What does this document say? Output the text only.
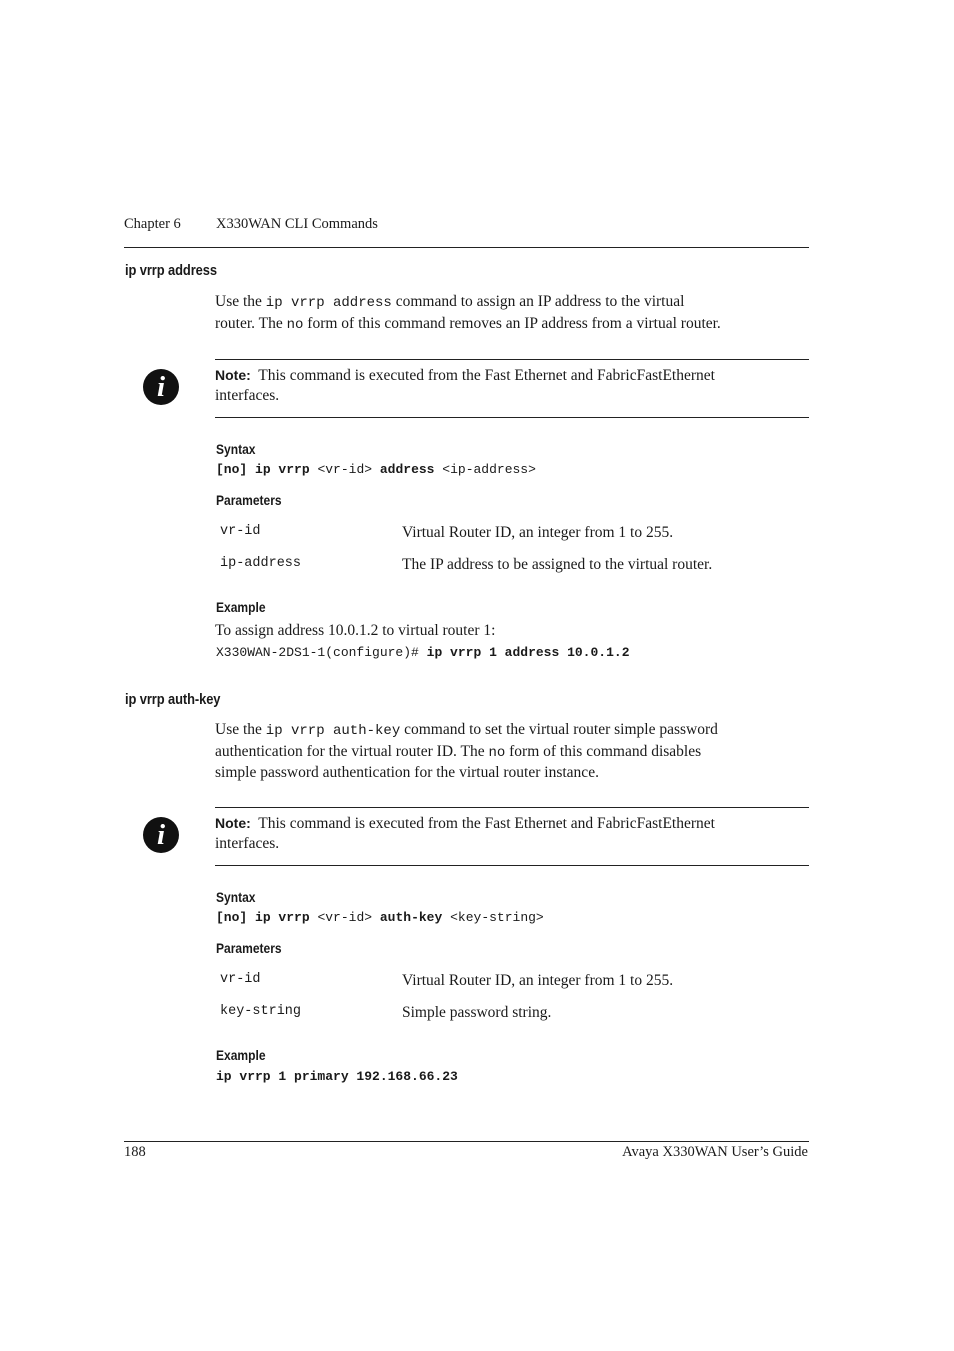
Chapter 6 X330WAN CLI Commands
ip vrrp address
Use the ip vrrp address command to assign an IP address to the virtual
router. The no form of this command removes an IP address from a virtual router.
i	Note: This command is executed from the Fast Ethernet and FabricFastEthernet
interfaces.
Syntax
[no] ip vrrp <vr-id> address <ip-address>
Parameters
vr-id	Virtual Router ID, an integer from 1 to 255.
ip-address	The IP address to be assigned to the virtual router.
Example
To assign address 10.0.1.2 to virtual router 1:
X330WAN-2DS1-1(configure)# ip vrrp 1 address 10.0.1.2
ip vrrp auth-key
Use the ip vrrp auth-key command to set the virtual router simple password
authentication for the virtual router ID. The no form of this command disables
simple password authentication for the virtual router instance.
i	Note: This command is executed from the Fast Ethernet and FabricFastEthernet
interfaces.
Syntax
[no] ip vrrp <vr-id> auth-key <key-string>
Parameters
vr-id	Virtual Router ID, an integer from 1 to 255.
key-string	Simple password string.
Example
ip vrrp 1 primary 192.168.66.23
188	Avaya X330WAN User’s Guide
